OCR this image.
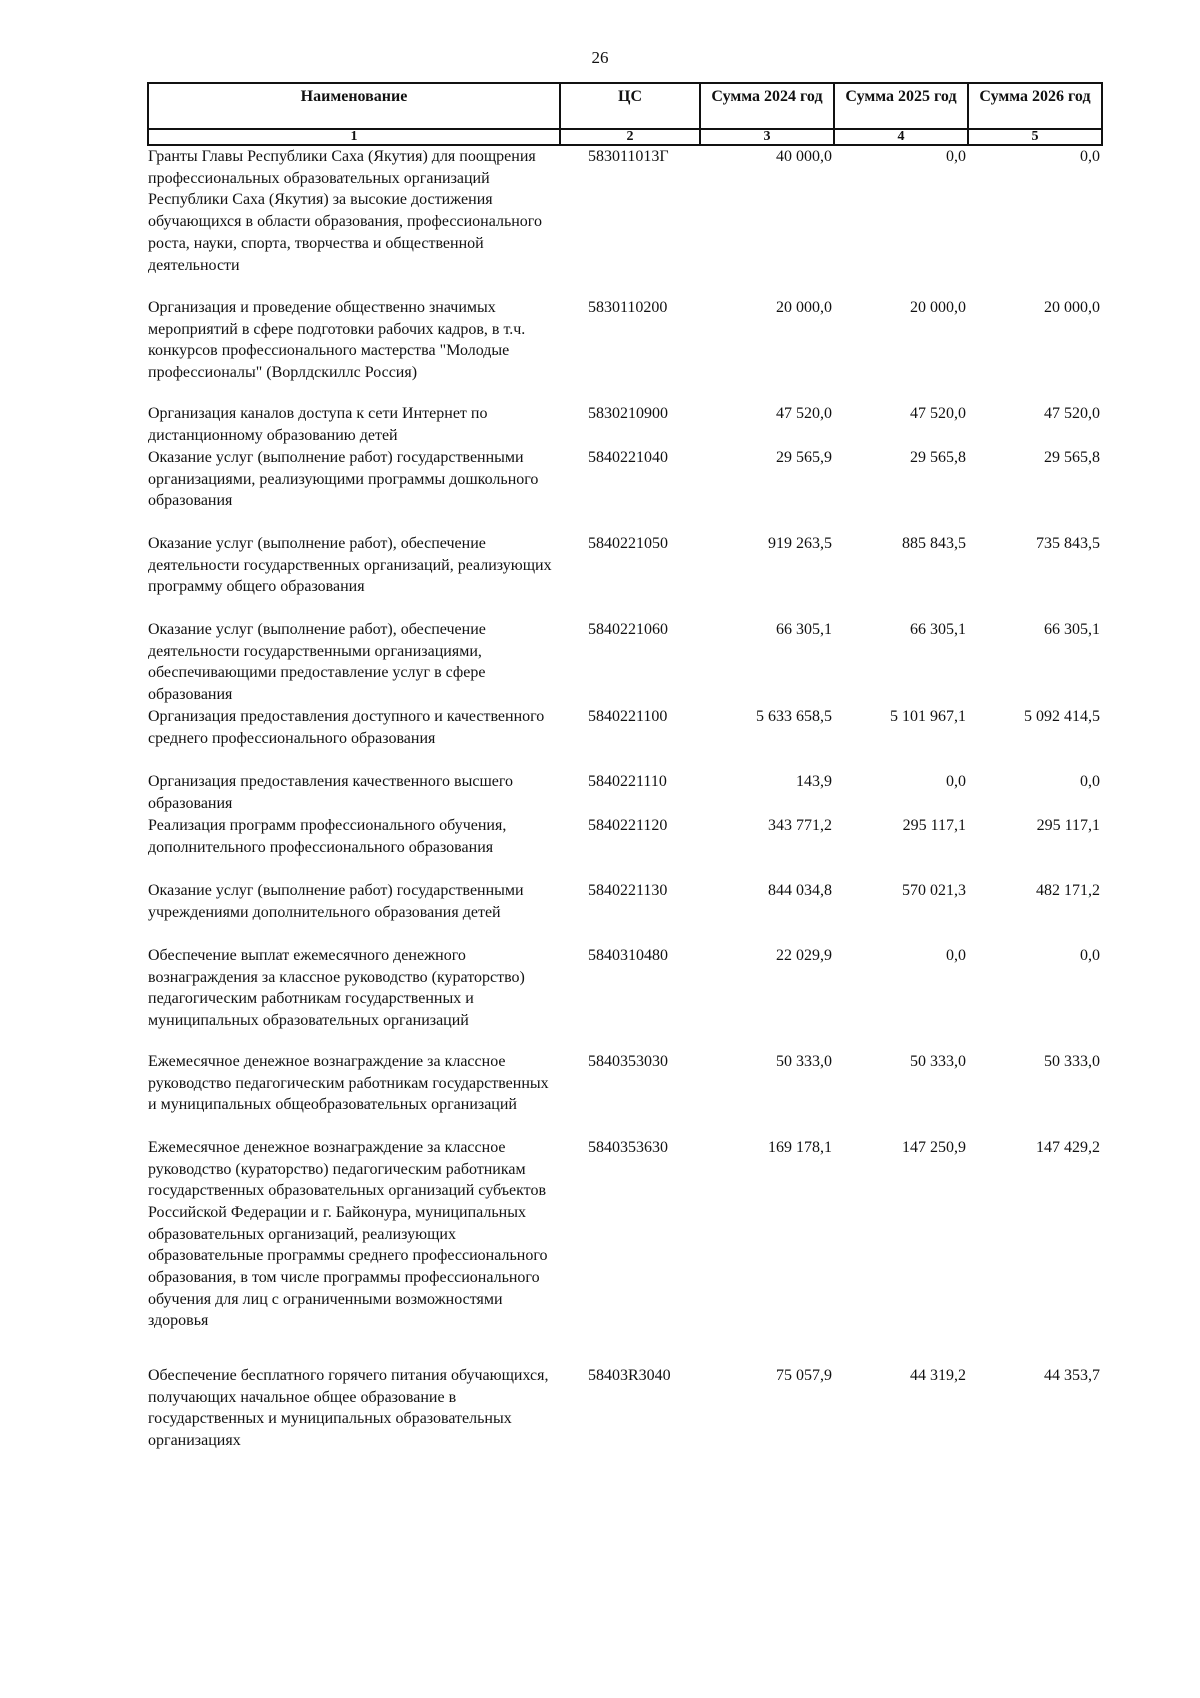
26
Наименование	ЦС	Сумма 2024 год	Сумма 2025 год	Сумма 2026 год
1	2	3	4	5
Гранты Главы Республики Саха (Якутия) для поощрения профессиональных образовательных организаций Республики Саха (Якутия) за высокие достижения обучающихся в области образования, профессионального роста, науки, спорта, творчества и общественной деятельности	583011013Г	40 000,0	0,0	0,0
Организация и проведение общественно значимых мероприятий в сфере подготовки рабочих кадров, в т.ч. конкурсов профессионального мастерства "Молодые профессионалы" (Ворлдскиллс Россия)	5830110200	20 000,0	20 000,0	20 000,0
Организация каналов доступа к сети Интернет по дистанционному образованию детей	5830210900	47 520,0	47 520,0	47 520,0
Оказание услуг (выполнение работ) государственными организациями, реализующими программы дошкольного образования	5840221040	29 565,9	29 565,8	29 565,8
Оказание услуг (выполнение работ), обеспечение деятельности государственных организаций, реализующих программу общего образования	5840221050	919 263,5	885 843,5	735 843,5
Оказание услуг (выполнение работ), обеспечение деятельности государственными организациями, обеспечивающими предоставление услуг в сфере образования	5840221060	66 305,1	66 305,1	66 305,1
Организация предоставления доступного и качественного среднего профессионального образования	5840221100	5 633 658,5	5 101 967,1	5 092 414,5
Организация предоставления качественного высшего образования	5840221110	143,9	0,0	0,0
Реализация программ профессионального обучения, дополнительного профессионального образования	5840221120	343 771,2	295 117,1	295 117,1
Оказание услуг (выполнение работ) государственными учреждениями дополнительного образования детей	5840221130	844 034,8	570 021,3	482 171,2
Обеспечение выплат ежемесячного денежного вознаграждения за классное руководство (кураторство) педагогическим работникам государственных и муниципальных образовательных организаций	5840310480	22 029,9	0,0	0,0
Ежемесячное денежное вознаграждение за классное руководство педагогическим работникам государственных и муниципальных общеобразовательных организаций	5840353030	50 333,0	50 333,0	50 333,0
Ежемесячное денежное вознаграждение за классное руководство (кураторство) педагогическим работникам государственных образовательных организаций субъектов Российской Федерации и г. Байконура, муниципальных образовательных организаций, реализующих образовательные программы среднего профессионального образования, в том числе программы профессионального обучения для лиц с ограниченными возможностями здоровья	5840353630	169 178,1	147 250,9	147 429,2
Обеспечение бесплатного горячего питания обучающихся, получающих начальное общее образование в государственных и муниципальных образовательных организациях	58403R3040	75 057,9	44 319,2	44 353,7
